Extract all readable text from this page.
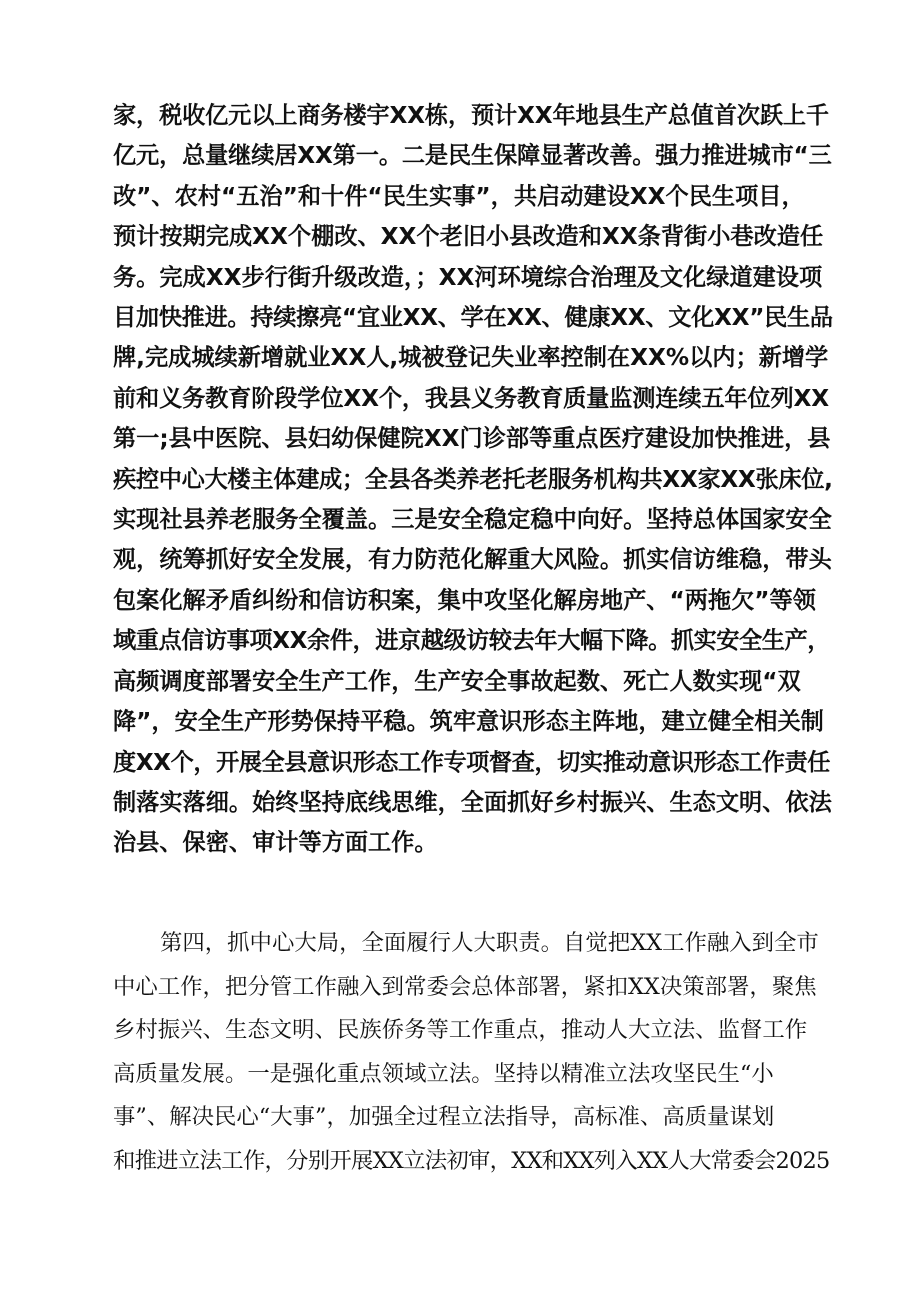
家，税收亿元以上商务楼宇XX栋，预计XX年地县生产总值首次跃上千
亿元，总量继续居XX第一。二是民生保障显著改善。强力推进城市“三
改”、农村“五治”和十件“民生实事”，共启动建设XX个民生项目，
预计按期完成XX个棚改、XX个老旧小县改造和XX条背街小巷改造任
务。完成XX步行街升级改造，；XX河环境综合治理及文化绿道建设项
目加快推进。持续擦亮“宜业XX、学在XX、健康XX、文化XX”民生品
牌,完成城续新增就业XX人,城被登记失业率控制在XX%以内；新增学
前和义务教育阶段学位XX个，我县义务教育质量监测连续五年位列XX
第一;县中医院、县妇幼保健院XX门诊部等重点医疗建设加快推进，县
疾控中心大楼主体建成；全县各类养老托老服务机构共XX家XX张床位,
实现社县养老服务全覆盖。三是安全稳定稳中向好。坚持总体国家安全
观，统筹抓好安全发展，有力防范化解重大风险。抓实信访维稳，带头
包案化解矛盾纠纷和信访积案，集中攻坚化解房地产、“两拖欠”等领
域重点信访事项XX余件，进京越级访较去年大幅下降。抓实安全生产，
高频调度部署安全生产工作，生产安全事故起数、死亡人数实现“双
降”，安全生产形势保持平稳。筑牢意识形态主阵地，建立健全相关制
度XX个，开展全县意识形态工作专项督查，切实推动意识形态工作责任
制落实落细。始终坚持底线思维，全面抓好乡村振兴、生态文明、依法
治县、保密、审计等方面工作。
第四，抓中心大局，全面履行人大职责。自觉把XX工作融入到全市
中心工作，把分管工作融入到常委会总体部署，紧扣XX决策部署，聚焦
乡村振兴、生态文明、民族侨务等工作重点，推动人大立法、监督工作
高质量发展。一是强化重点领域立法。坚持以精准立法攻坚民生“小
事”、解决民心“大事”，加强全过程立法指导，高标准、高质量谋划
和推进立法工作，分别开展XX立法初审，XX和XX列入XX人大常委会2025
